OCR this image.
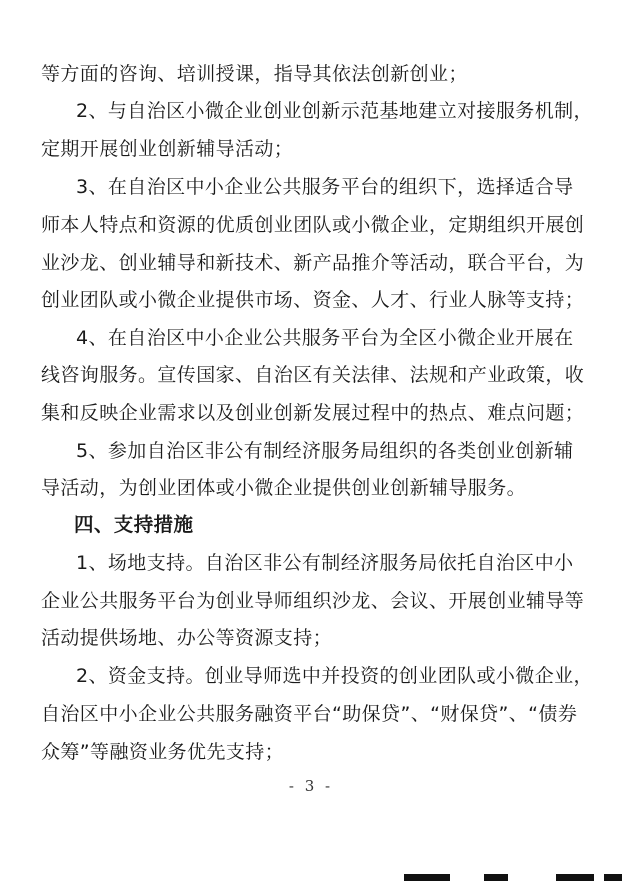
等方面的咨询、培训授课，指导其依法创新创业；
2、与自治区小微企业创业创新示范基地建立对接服务机制，
定期开展创业创新辅导活动；
3、在自治区中小企业公共服务平台的组织下，选择适合导
师本人特点和资源的优质创业团队或小微企业，定期组织开展创
业沙龙、创业辅导和新技术、新产品推介等活动，联合平台，为
创业团队或小微企业提供市场、资金、人才、行业人脉等支持；
4、在自治区中小企业公共服务平台为全区小微企业开展在
线咨询服务。宣传国家、自治区有关法律、法规和产业政策，收
集和反映企业需求以及创业创新发展过程中的热点、难点问题；
5、参加自治区非公有制经济服务局组织的各类创业创新辅
导活动，为创业团体或小微企业提供创业创新辅导服务。
四、支持措施
1、场地支持。自治区非公有制经济服务局依托自治区中小
企业公共服务平台为创业导师组织沙龙、会议、开展创业辅导等
活动提供场地、办公等资源支持；
2、资金支持。创业导师选中并投资的创业团队或小微企业，
自治区中小企业公共服务融资平台“助保贷”、“财保贷”、“债券
众筹”等融资业务优先支持；
- 3 -
